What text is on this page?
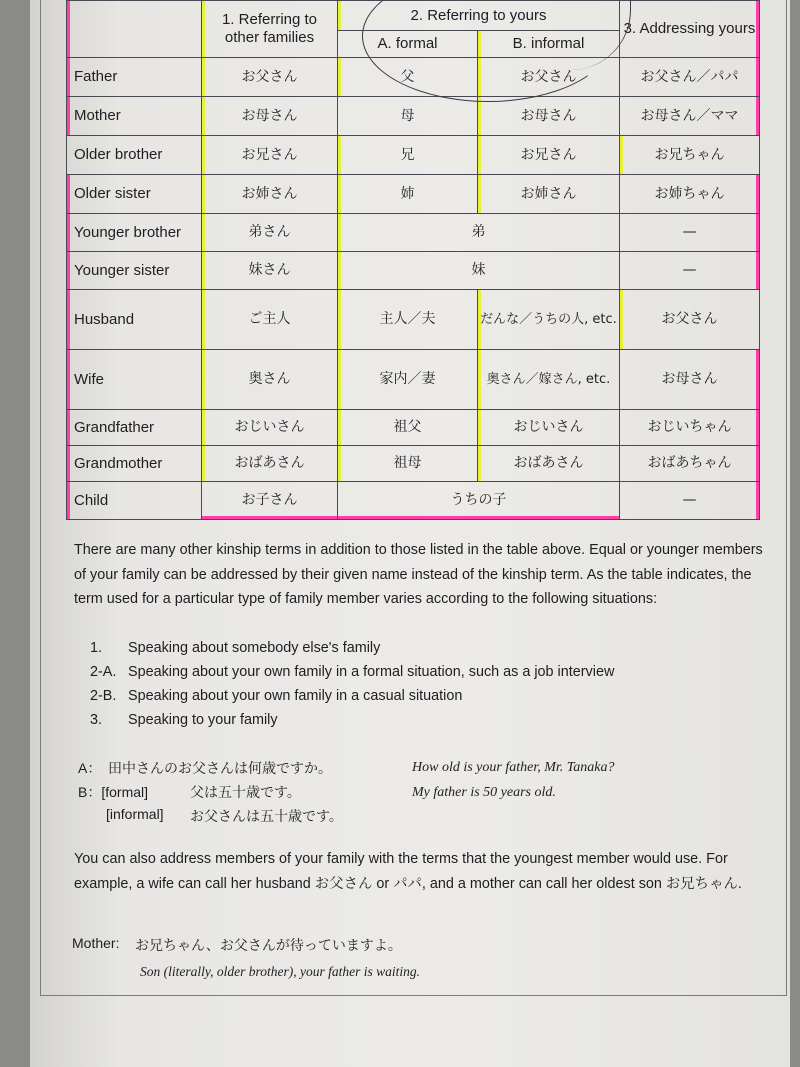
	1. Referring to other families	2. Referring to yours		3. Addressing yours
		A. formal	B. informal	
Father	お父さん	父	お父さん	お父さん／パパ
Mother	お母さん	母	お母さん	お母さん／ママ
Older brother	お兄さん	兄	お兄さん	お兄ちゃん
Older sister	お姉さん	姉	お姉さん	お姉ちゃん
Younger brother	弟さん	弟		—
Younger sister	妹さん	妹		—
Husband	ご主人	主人／夫	だんな／うちの人, etc.	お父さん
Wife	奥さん	家内／妻	奥さん／嫁さん, etc.	お母さん
Grandfather	おじいさん	祖父	おじいさん	おじいちゃん
Grandmother	おばあさん	祖母	おばあさん	おばあちゃん
Child	お子さん	うちの子		—
There are many other kinship terms in addition to those listed in the table above. Equal or younger members of your family can be addressed by their given name instead of the kinship term. As the table indicates, the term used for a particular type of family member varies according to the following situations:
1. Speaking about somebody else's family
2-A. Speaking about your own family in a formal situation, such as a job interview
2-B. Speaking about your own family in a casual situation
3. Speaking to your family
A： 田中さんのお父さんは何歳ですか。	How old is your father, Mr. Tanaka?
B：[formal]	父は五十歳です。	My father is 50 years old.
[informal] お父さんは五十歳です。
You can also address members of your family with the terms that the youngest member would use. For example, a wife can call her husband お父さん or パパ, and a mother can call her oldest son お兄ちゃん.
Mother: お兄ちゃん、お父さんが待っていますよ。
Son (literally, older brother), your father is waiting.
